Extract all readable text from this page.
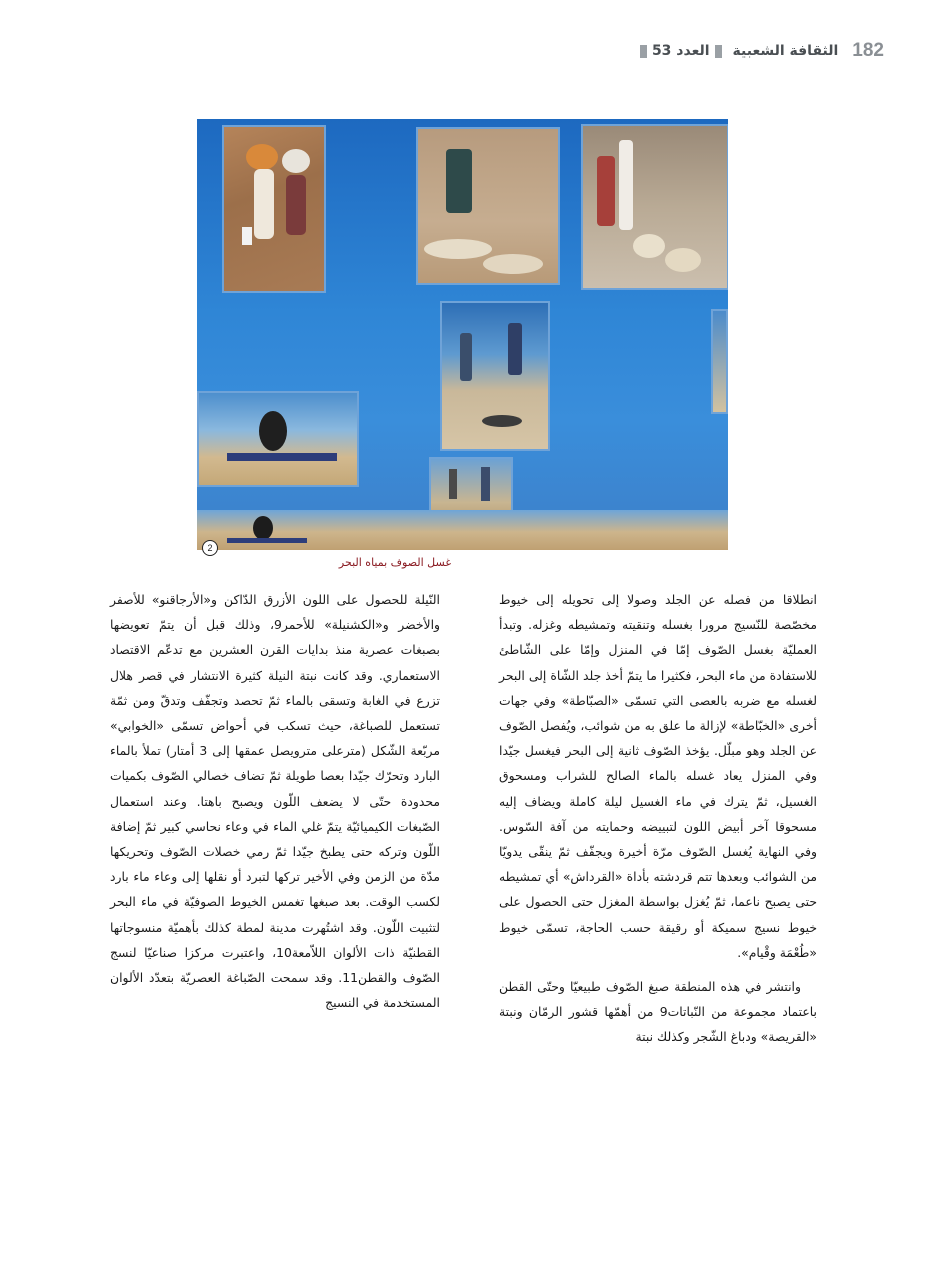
182
الثقافة الشعبية
العدد 53
2
غسل الصوف بمياه البحر

انطلاقا من فصله عن الجلد وصولا إلى تحويله إلى خيوط مخصّصة للنّسيج مرورا بغسله وتنقيته وتمشيطه وغزله. وتبدأ العمليّة بغسل الصّوف إمّا في المنزل وإمّا على الشّاطئ للاستفادة من ماء البحر، فكثيرا ما يتمّ أخذ جلد الشّاة إلى البحر لغسله مع ضربه بالعصى التي تسمّى «الصبّاطة» وفي جهات أخرى «الخبّاطة» لإزالة ما علق به من شوائب، ويُفصل الصّوف عن الجلد وهو مبلّل. يؤخذ الصّوف ثانية إلى البحر فيغسل جيّدا وفي المنزل يعاد غسله بالماء الصالح للشراب ومسحوق الغسيل، ثمّ يترك في ماء الغسيل ليلة كاملة ويضاف إليه مسحوقا آخر أبيض اللون لتبييضه وحمايته من آفة السّوس. وفي النهاية يُغسل الصّوف مرّة أخيرة ويجفّف ثمّ ينقّى يدويّا من الشوائب وبعدها تتم قردشته بأداة «القرداش» أي تمشيطه حتى يصبح ناعما، ثمّ يُغزل بواسطة المغزل حتى الحصول على خيوط نسيج سميكة أو رقيقة حسب الحاجة، تسمّى خيوط «طُعْمَة وقْيام».

وانتشر في هذه المنطقة صبغ الصّوف طبيعيّا وحتّى القطن باعتماد مجموعة من النّباتات9 من أهمّها قشور الرمّان ونبتة «القريصة» ودباغ الشّجر وكذلك نبتة

النّيلة للحصول على اللون الأزرق الدّاكن و«الأرجاقنو» للأصفر والأخضر و«الكشنيلة» للأحمر9، وذلك قبل أن يتمّ تعويضها بصبغات عصرية منذ بدايات القرن العشرين مع تدعّم الاقتصاد الاستعماري. وقد كانت نبتة النيلة كثيرة الانتشار في قصر هلال تزرع في الغابة وتسقى بالماء ثمّ تحصد وتجفّف وتدقّ ومن ثمّة تستعمل للصباغة، حيث تسكب في أحواض تسمّى «الخوابي» مربّعة الشّكل (مترعلى مترويصل عمقها إلى 3 أمتار) تملأ بالماء البارد وتحرّك جيّدا بعصا طويلة ثمّ تضاف خصالي الصّوف بكميات محدودة حتّى لا يضعف اللّون ويصبح باهتا. وعند استعمال الصّبغات الكيميائيّة يتمّ غلي الماء في وعاء نحاسي كبير ثمّ إضافة اللّون وتركه حتى يطبخ جيّدا ثمّ رمي خصلات الصّوف وتحريكها مدّة من الزمن وفي الأخير تركها لتبرد أو نقلها إلى وعاء ماء بارد لكسب الوقت. بعد صبغها تغمس الخيوط الصوفيّة في ماء البحر لتثبيت اللّون. وقد اشتُهرت مدينة لمطة كذلك بأهميّة منسوجاتها القطنيّة ذات الألوان اللاّمعة10، واعتبرت مركزا صناعيّا لنسج الصّوف والقطن11. وقد سمحت الصّباغة العصريّة بتعدّد الألوان المستخدمة في النسيج
